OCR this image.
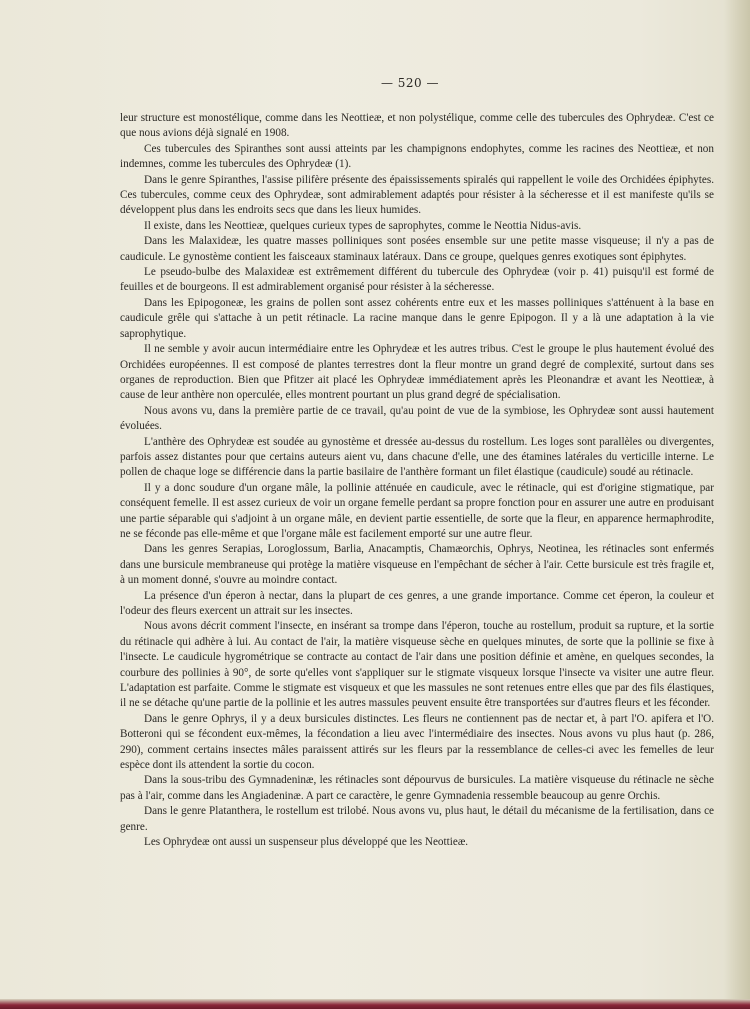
— 520 —

leur structure est monostélique, comme dans les Neottieæ, et non polystélique, comme celle des tubercules des Ophrydeæ. C'est ce que nous avions déjà signalé en 1908.

Ces tubercules des Spiranthes sont aussi atteints par les champignons endophytes, comme les racines des Neottieæ, et non indemnes, comme les tubercules des Ophrydeæ (1).

Dans le genre Spiranthes, l'assise pilifère présente des épaississements spiralés qui rappellent le voile des Orchidées épiphytes. Ces tubercules, comme ceux des Ophrydeæ, sont admirablement adaptés pour résister à la sécheresse et il est manifeste qu'ils se développent plus dans les endroits secs que dans les lieux humides.

Il existe, dans les Neottieæ, quelques curieux types de saprophytes, comme le Neottia Nidus-avis.

Dans les Malaxideæ, les quatre masses polliniques sont posées ensemble sur une petite masse visqueuse; il n'y a pas de caudicule. Le gynostème contient les faisceaux staminaux latéraux. Dans ce groupe, quelques genres exotiques sont épiphytes.

Le pseudo-bulbe des Malaxideæ est extrêmement différent du tubercule des Ophrydeæ (voir p. 41) puisqu'il est formé de feuilles et de bourgeons. Il est admirablement organisé pour résister à la sécheresse.

Dans les Epipogoneæ, les grains de pollen sont assez cohérents entre eux et les masses polliniques s'atténuent à la base en caudicule grêle qui s'attache à un petit rétinacle. La racine manque dans le genre Epipogon. Il y a là une adaptation à la vie saprophytique.

Il ne semble y avoir aucun intermédiaire entre les Ophrydeæ et les autres tribus. C'est le groupe le plus hautement évolué des Orchidées européennes. Il est composé de plantes terrestres dont la fleur montre un grand degré de complexité, surtout dans ses organes de reproduction. Bien que Pfitzer ait placé les Ophrydeæ immédiatement après les Pleonandræ et avant les Neottieæ, à cause de leur anthère non operculée, elles montrent pourtant un plus grand degré de spécialisation.

Nous avons vu, dans la première partie de ce travail, qu'au point de vue de la symbiose, les Ophrydeæ sont aussi hautement évoluées.

L'anthère des Ophrydeæ est soudée au gynostème et dressée au-dessus du rostellum. Les loges sont parallèles ou divergentes, parfois assez distantes pour que certains auteurs aient vu, dans chacune d'elle, une des étamines latérales du verticille interne. Le pollen de chaque loge se différencie dans la partie basilaire de l'anthère formant un filet élastique (caudicule) soudé au rétinacle.

Il y a donc soudure d'un organe mâle, la pollinie atténuée en caudicule, avec le rétinacle, qui est d'origine stigmatique, par conséquent femelle. Il est assez curieux de voir un organe femelle perdant sa propre fonction pour en assurer une autre en produisant une partie séparable qui s'adjoint à un organe mâle, en devient partie essentielle, de sorte que la fleur, en apparence hermaphrodite, ne se féconde pas elle-même et que l'organe mâle est facilement emporté sur une autre fleur.

Dans les genres Serapias, Loroglossum, Barlia, Anacamptis, Chamæorchis, Ophrys, Neotinea, les rétinacles sont enfermés dans une bursicule membraneuse qui protège la matière visqueuse en l'empêchant de sécher à l'air. Cette bursicule est très fragile et, à un moment donné, s'ouvre au moindre contact.

La présence d'un éperon à nectar, dans la plupart de ces genres, a une grande importance. Comme cet éperon, la couleur et l'odeur des fleurs exercent un attrait sur les insectes.

Nous avons décrit comment l'insecte, en insérant sa trompe dans l'éperon, touche au rostellum, produit sa rupture, et la sortie du rétinacle qui adhère à lui. Au contact de l'air, la matière visqueuse sèche en quelques minutes, de sorte que la pollinie se fixe à l'insecte. Le caudicule hygrométrique se contracte au contact de l'air dans une position définie et amène, en quelques secondes, la courbure des pollinies à 90°, de sorte qu'elles vont s'appliquer sur le stigmate visqueux lorsque l'insecte va visiter une autre fleur. L'adaptation est parfaite. Comme le stigmate est visqueux et que les massules ne sont retenues entre elles que par des fils élastiques, il ne se détache qu'une partie de la pollinie et les autres massules peuvent ensuite être transportées sur d'autres fleurs et les féconder.

Dans le genre Ophrys, il y a deux bursicules distinctes. Les fleurs ne contiennent pas de nectar et, à part l'O. apifera et l'O. Botteroni qui se fécondent eux-mêmes, la fécondation a lieu avec l'intermédiaire des insectes. Nous avons vu plus haut (p. 286, 290), comment certains insectes mâles paraissent attirés sur les fleurs par la ressemblance de celles-ci avec les femelles de leur espèce dont ils attendent la sortie du cocon.

Dans la sous-tribu des Gymnadeninæ, les rétinacles sont dépourvus de bursicules. La matière visqueuse du rétinacle ne sèche pas à l'air, comme dans les Angiadeninæ. A part ce caractère, le genre Gymnadenia ressemble beaucoup au genre Orchis.

Dans le genre Platanthera, le rostellum est trilobé. Nous avons vu, plus haut, le détail du mécanisme de la fertilisation, dans ce genre.

Les Ophrydeæ ont aussi un suspenseur plus développé que les Neottieæ.
